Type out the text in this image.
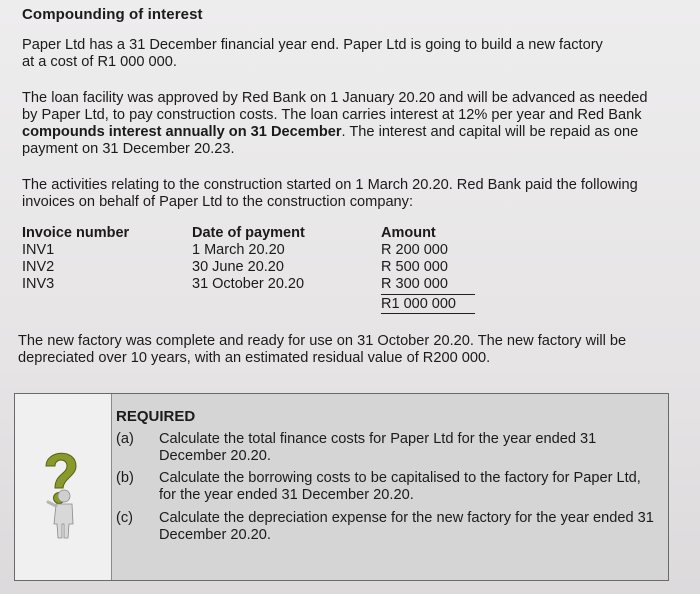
Compounding of interest

Paper Ltd has a 31 December financial year end. Paper Ltd is going to build a new factory
at a cost of R1 000 000.

The loan facility was approved by Red Bank on 1 January 20.20 and will be advanced as needed by Paper Ltd, to pay construction costs. The loan carries interest at 12% per year and Red Bank compounds interest annually on 31 December. The interest and capital will be repaid as one payment on 31 December 20.23.

The activities relating to the construction started on 1 March 20.20. Red Bank paid the following invoices on behalf of Paper Ltd to the construction company:

Invoice number
INV1
INV2
INV3
Date of payment
1 March 20.20
30 June 20.20
31 October 20.20
Amount
R 200 000
R 500 000
R 300 000
R1 000 000

The new factory was complete and ready for use on 31 October 20.20. The new factory will be depreciated over 10 years, with an estimated residual value of R200 000.

REQUIRED
(a) Calculate the total finance costs for Paper Ltd for the year ended 31 December 20.20.
(b) Calculate the borrowing costs to be capitalised to the factory for Paper Ltd, for the year ended 31 December 20.20.
(c) Calculate the depreciation expense for the new factory for the year ended 31 December 20.20.
